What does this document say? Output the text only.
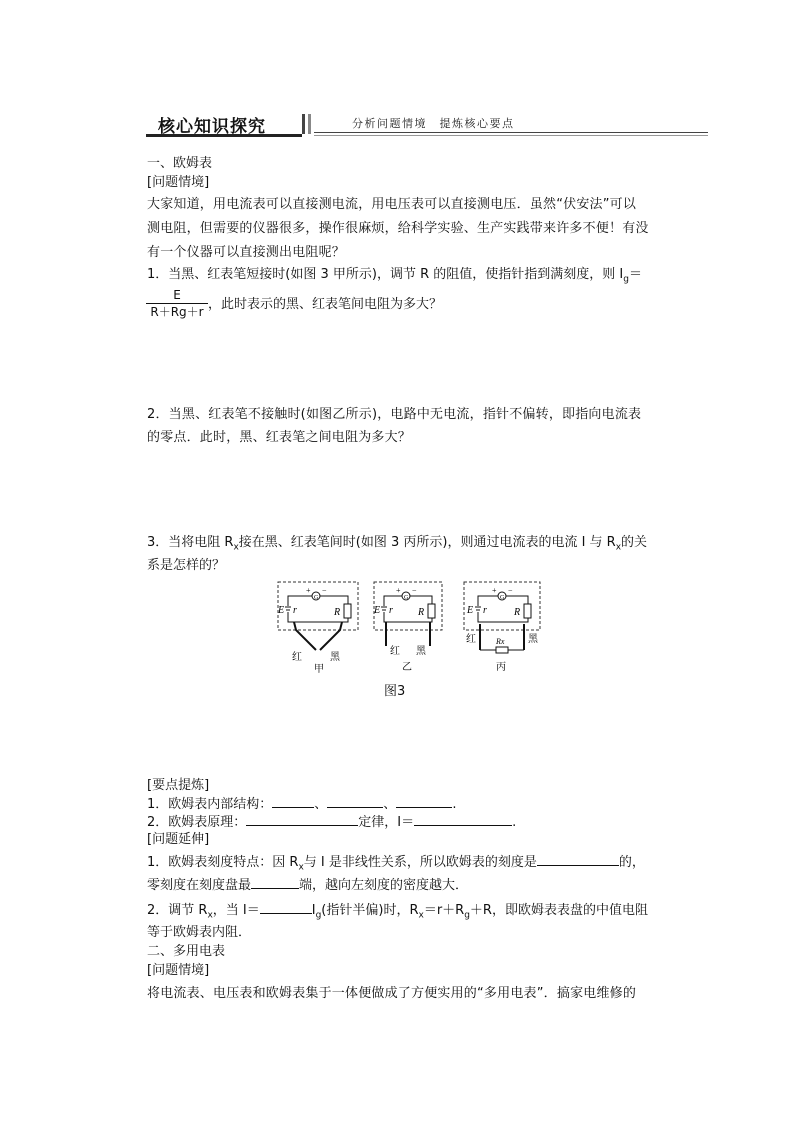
核心知识探究	分析问题情境　提炼核心要点
一、欧姆表
[问题情境]
大家知道，用电流表可以直接测电流，用电压表可以直接测电压．虽然“伏安法”可以
测电阻，但需要的仪器很多，操作很麻烦，给科学实验、生产实践带来许多不便！有没
有一个仪器可以直接测出电阻呢？
1．当黑、红表笔短接时(如图 3 甲所示)，调节 R 的阻值，使指针指到满刻度，则 $I_g=$
E
R＋Rg＋r ，此时表示的黑、红表笔间电阻为多大？
2．当黑、红表笔不接触时(如图乙所示)，电路中无电流，指针不偏转，即指向电流表
的零点．此时，黑、红表笔之间电阻为多大？
3．当将电阻 $R_x$接在黑、红表笔间时(如图 3 丙所示)，则通过电流表的电流 I 与 $R_x$的关
系是怎样的？
G
+ −
E r	R
红	黑
甲
G
+ −
E r	R
红 黑
乙
G
+ −
E r	R
Rx
红	黑
丙
图3
[要点提炼]
1．欧姆表内部结构：	、	、	.
2．欧姆表原理：	定律，I＝	.
[问题延伸]
1．欧姆表刻度特点：因 $R_x$与 I 是非线性关系，所以欧姆表的刻度是	的，
零刻度在刻度盘最	端，越向左刻度的密度越大．
2．调节 $R_x$，当 I＝	$I_g$(指针半偏)时，$R_x=r+R_g+R$，即欧姆表表盘的中值电阻
等于欧姆表内阻．
二、多用电表
[问题情境]
将电流表、电压表和欧姆表集于一体便做成了方便实用的“多用电表”．搞家电维修的
